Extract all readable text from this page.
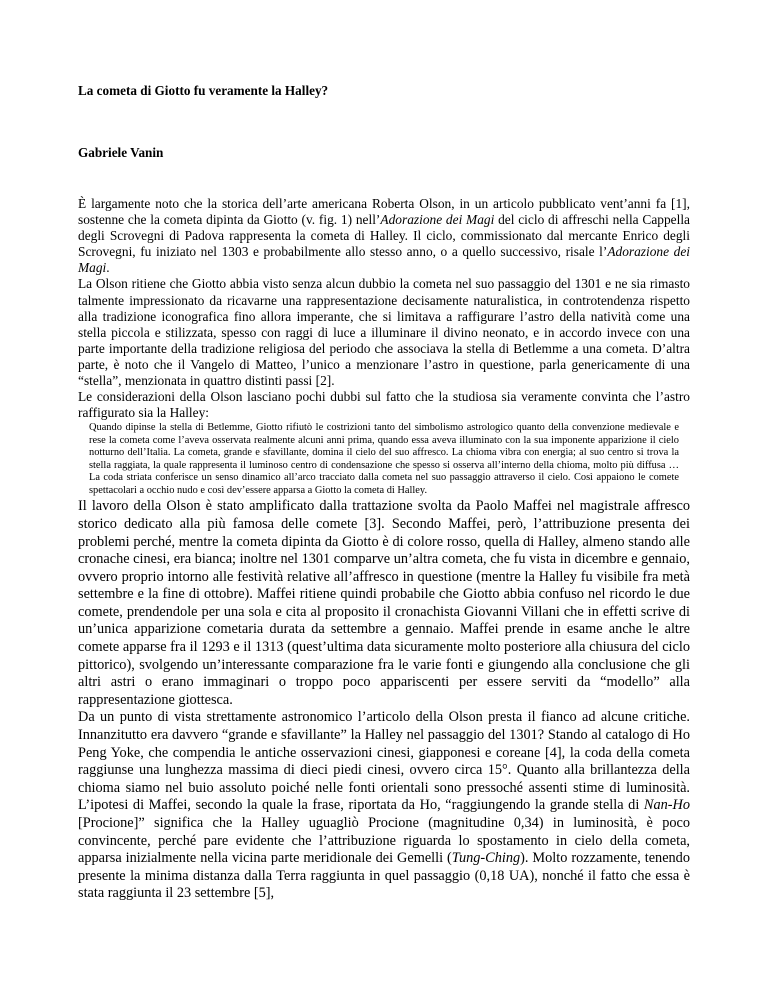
La cometa di Giotto fu veramente la Halley?
Gabriele Vanin

È largamente noto che la storica dell’arte americana Roberta Olson, in un articolo pubblicato vent’anni fa [1], sostenne che la cometa dipinta da Giotto (v. fig. 1) nell’Adorazione dei Magi del ciclo di affreschi nella Cappella degli Scrovegni di Padova rappresenta la cometa di Halley. Il ciclo, commissionato dal mercante Enrico degli Scrovegni, fu iniziato nel 1303 e probabilmente allo stesso anno, o a quello successivo, risale l’Adorazione dei Magi.

La Olson ritiene che Giotto abbia visto senza alcun dubbio la cometa nel suo passaggio del 1301 e ne sia rimasto talmente impressionato da ricavarne una rappresentazione decisamente naturalistica, in controtendenza rispetto alla tradizione iconografica fino allora imperante, che si limitava a raffigurare l’astro della natività come una stella piccola e stilizzata, spesso con raggi di luce a illuminare il divino neonato, e in accordo invece con una parte importante della tradizione religiosa del periodo che associava la stella di Betlemme a una cometa. D’altra parte, è noto che il Vangelo di Matteo, l’unico a menzionare l’astro in questione, parla genericamente di una “stella”, menzionata in quattro distinti passi [2].

Le considerazioni della Olson lasciano pochi dubbi sul fatto che la studiosa sia veramente convinta che l’astro raffigurato sia la Halley:

Quando dipinse la stella di Betlemme, Giotto rifiutò le costrizioni tanto del simbolismo astrologico quanto della convenzione medievale e rese la cometa come l’aveva osservata realmente alcuni anni prima, quando essa aveva illuminato con la sua imponente apparizione il cielo notturno dell’Italia. La cometa, grande e sfavillante, domina il cielo del suo affresco. La chioma vibra con energia; al suo centro si trova la stella raggiata, la quale rappresenta il luminoso centro di condensazione che spesso si osserva all’interno della chioma, molto più diffusa … La coda striata conferisce un senso dinamico all’arco tracciato dalla cometa nel suo passaggio attraverso il cielo. Così appaiono le comete spettacolari a occhio nudo e così dev’essere apparsa a Giotto la cometa di Halley.

Il lavoro della Olson è stato amplificato dalla trattazione svolta da Paolo Maffei nel magistrale affresco storico dedicato alla più famosa delle comete [3]. Secondo Maffei, però, l’attribuzione presenta dei problemi perché, mentre la cometa dipinta da Giotto è di colore rosso, quella di Halley, almeno stando alle cronache cinesi, era bianca; inoltre nel 1301 comparve un’altra cometa, che fu vista in dicembre e gennaio, ovvero proprio intorno alle festività relative all’affresco in questione (mentre la Halley fu visibile fra metà settembre e la fine di ottobre). Maffei ritiene quindi probabile che Giotto abbia confuso nel ricordo le due comete, prendendole per una sola e cita al proposito il cronachista Giovanni Villani che in effetti scrive di un’unica apparizione cometaria durata da settembre a gennaio. Maffei prende in esame anche le altre comete apparse fra il 1293 e il 1313 (quest’ultima data sicuramente molto posteriore alla chiusura del ciclo pittorico), svolgendo un’interessante comparazione fra le varie fonti e giungendo alla conclusione che gli altri astri o erano immaginari o troppo poco appariscenti per essere serviti da “modello” alla rappresentazione giottesca.

Da un punto di vista strettamente astronomico l’articolo della Olson presta il fianco ad alcune critiche. Innanzitutto era davvero “grande e sfavillante” la Halley nel passaggio del 1301? Stando al catalogo di Ho Peng Yoke, che compendia le antiche osservazioni cinesi, giapponesi e coreane [4], la coda della cometa raggiunse una lunghezza massima di dieci piedi cinesi, ovvero circa 15°. Quanto alla brillantezza della chioma siamo nel buio assoluto poiché nelle fonti orientali sono pressoché assenti stime di luminosità. L’ipotesi di Maffei, secondo la quale la frase, riportata da Ho, “raggiungendo la grande stella di Nan-Ho [Procione]” significa che la Halley uguagliò Procione (magnitudine 0,34) in luminosità, è poco convincente, perché pare evidente che l’attribuzione riguarda lo spostamento in cielo della cometa, apparsa inizialmente nella vicina parte meridionale dei Gemelli (Tung-Ching). Molto rozzamente, tenendo presente la minima distanza dalla Terra raggiunta in quel passaggio (0,18 UA), nonché il fatto che essa è stata raggiunta il 23 settembre [5],
